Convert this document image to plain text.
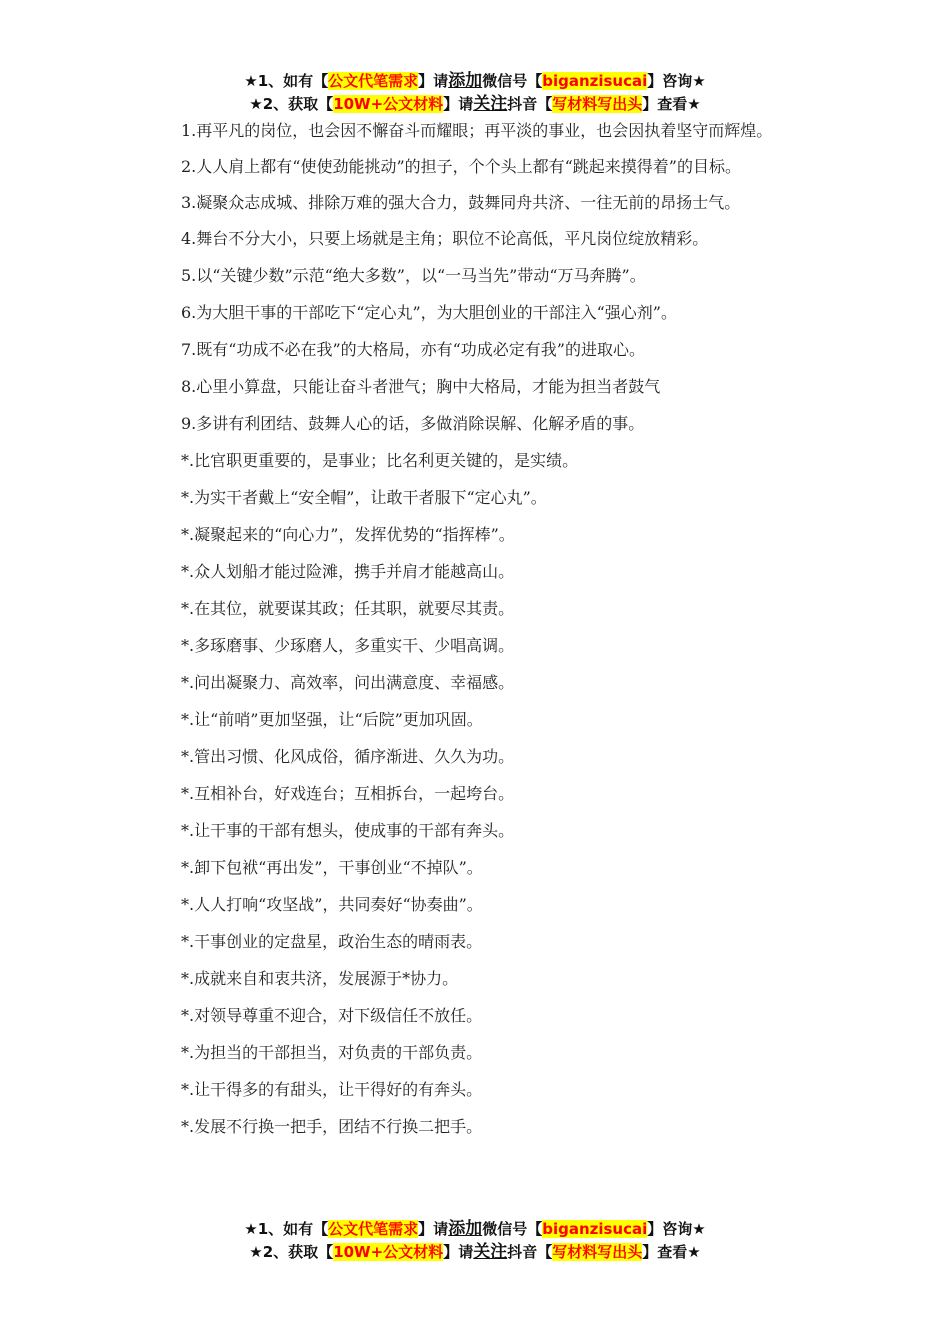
★1、如有【公文代笔需求】请添加微信号【biganzisucai】咨询★
★2、获取【10W+公文材料】请关注抖音【写材料写出头】查看★

1.再平凡的岗位，也会因不懈奋斗而耀眼；再平淡的事业，也会因执着坚守而辉煌。

2.人人肩上都有“使使劲能挑动”的担子，个个头上都有“跳起来摸得着”的目标。

3.凝聚众志成城、排除万难的强大合力，鼓舞同舟共济、一往无前的昂扬士气。

4.舞台不分大小，只要上场就是主角；职位不论高低，平凡岗位绽放精彩。

5.以“关键少数”示范“绝大多数”，以“一马当先”带动“万马奔腾”。

6.为大胆干事的干部吃下“定心丸”，为大胆创业的干部注入“强心剂”。

7.既有“功成不必在我”的大格局，亦有“功成必定有我”的进取心。

8.心里小算盘，只能让奋斗者泄气；胸中大格局，才能为担当者鼓气

9.多讲有利团结、鼓舞人心的话，多做消除误解、化解矛盾的事。

*.比官职更重要的，是事业；比名利更关键的，是实绩。

*.为实干者戴上“安全帽”，让敢干者服下“定心丸”。

*.凝聚起来的“向心力”，发挥优势的“指挥棒”。

*.众人划船才能过险滩，携手并肩才能越高山。

*.在其位，就要谋其政；任其职，就要尽其责。

*.多琢磨事、少琢磨人，多重实干、少唱高调。

*.问出凝聚力、高效率，问出满意度、幸福感。

*.让“前哨”更加坚强，让“后院”更加巩固。

*.管出习惯、化风成俗，循序渐进、久久为功。

*.互相补台，好戏连台；互相拆台，一起垮台。

*.让干事的干部有想头，使成事的干部有奔头。

*.卸下包袱“再出发”，干事创业“不掉队”。

*.人人打响“攻坚战”，共同奏好“协奏曲”。

*.干事创业的定盘星，政治生态的晴雨表。

*.成就来自和衷共济，发展源于*协力。

*.对领导尊重不迎合，对下级信任不放任。

*.为担当的干部担当，对负责的干部负责。

*.让干得多的有甜头，让干得好的有奔头。

*.发展不行换一把手，团结不行换二把手。

★1、如有【公文代笔需求】请添加微信号【biganzisucai】咨询★
★2、获取【10W+公文材料】请关注抖音【写材料写出头】查看★
